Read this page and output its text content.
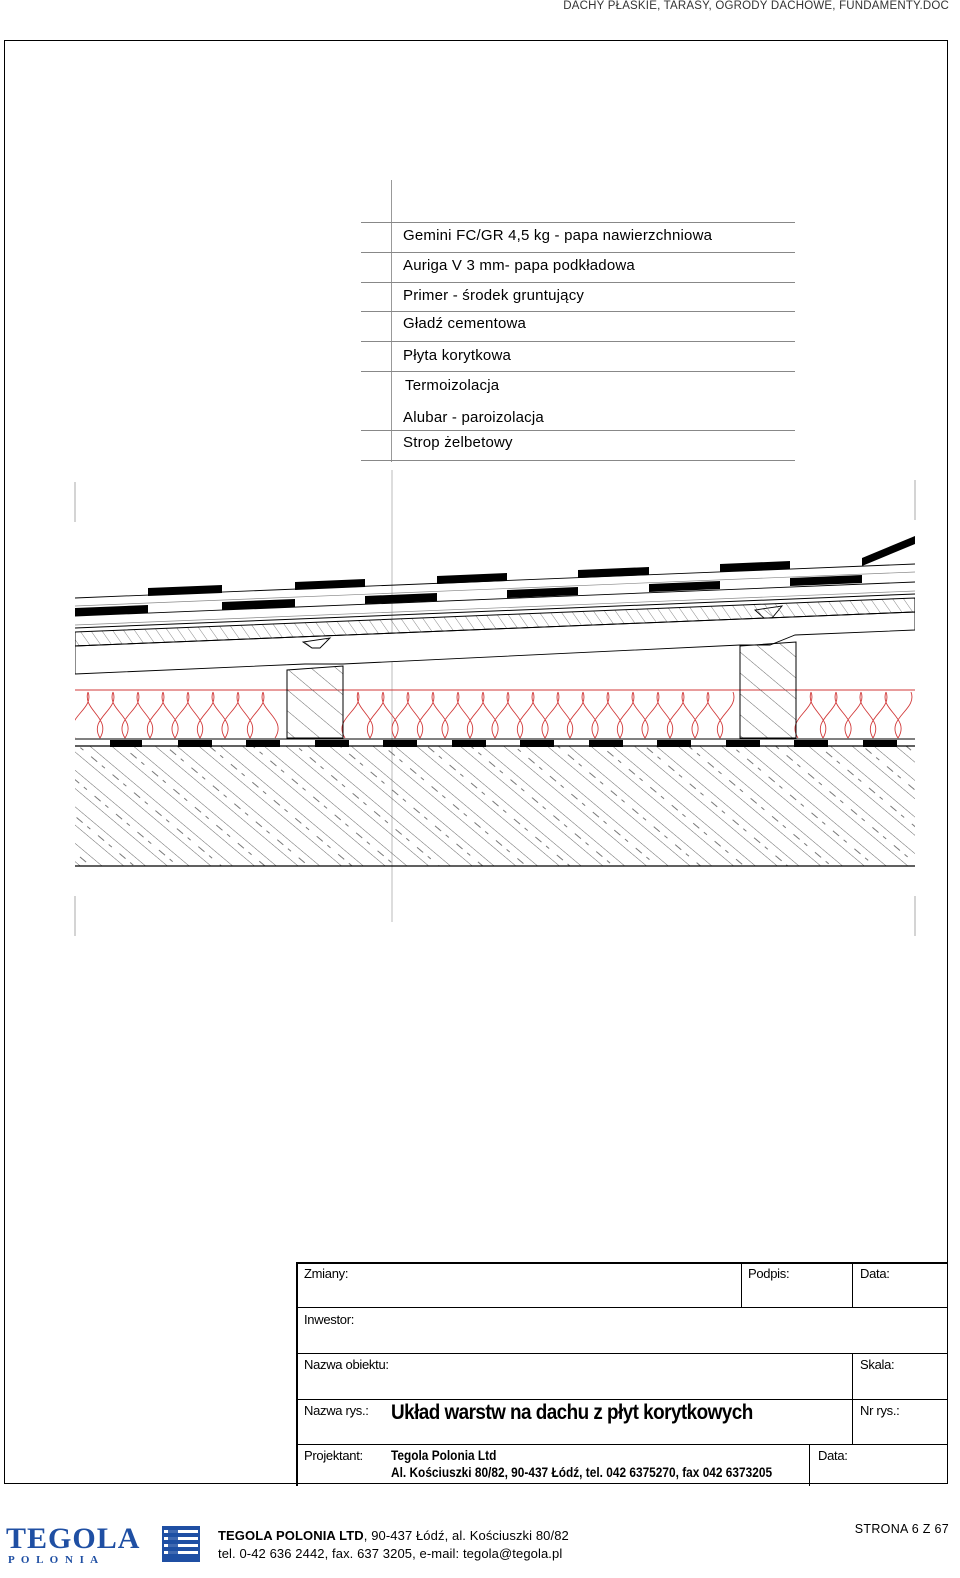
DACHY PŁASKIE, TARASY, OGRODY DACHOWE, FUNDAMENTY.DOC
Gemini FC/GR 4,5 kg - papa nawierzchniowa
Auriga V 3 mm- papa podkładowa
Primer - środek gruntujący
Gładź cementowa
Płyta korytkowa
Termoizolacja
Alubar - paroizolacja
Strop żelbetowy
Zmiany:	Podpis:	Data:
Inwestor:
Nazwa obiektu:	Skala:
Nazwa rys.: Układ warstw na dachu z płyt korytkowych	Nr rys.:
Projektant: Tegola Polonia Ltd
Al. Kościuszki 80/82, 90-437 Łódź, tel. 042 6375270, fax 042 6373205
Data:
TEGOLA
P O L O N I A
TEGOLA POLONIA LTD, 90-437 Łódź, al. Kościuszki 80/82
tel. 0-42 636 2442, fax. 637 3205, e-mail: tegola@tegola.pl
STRONA 6 Z 67
